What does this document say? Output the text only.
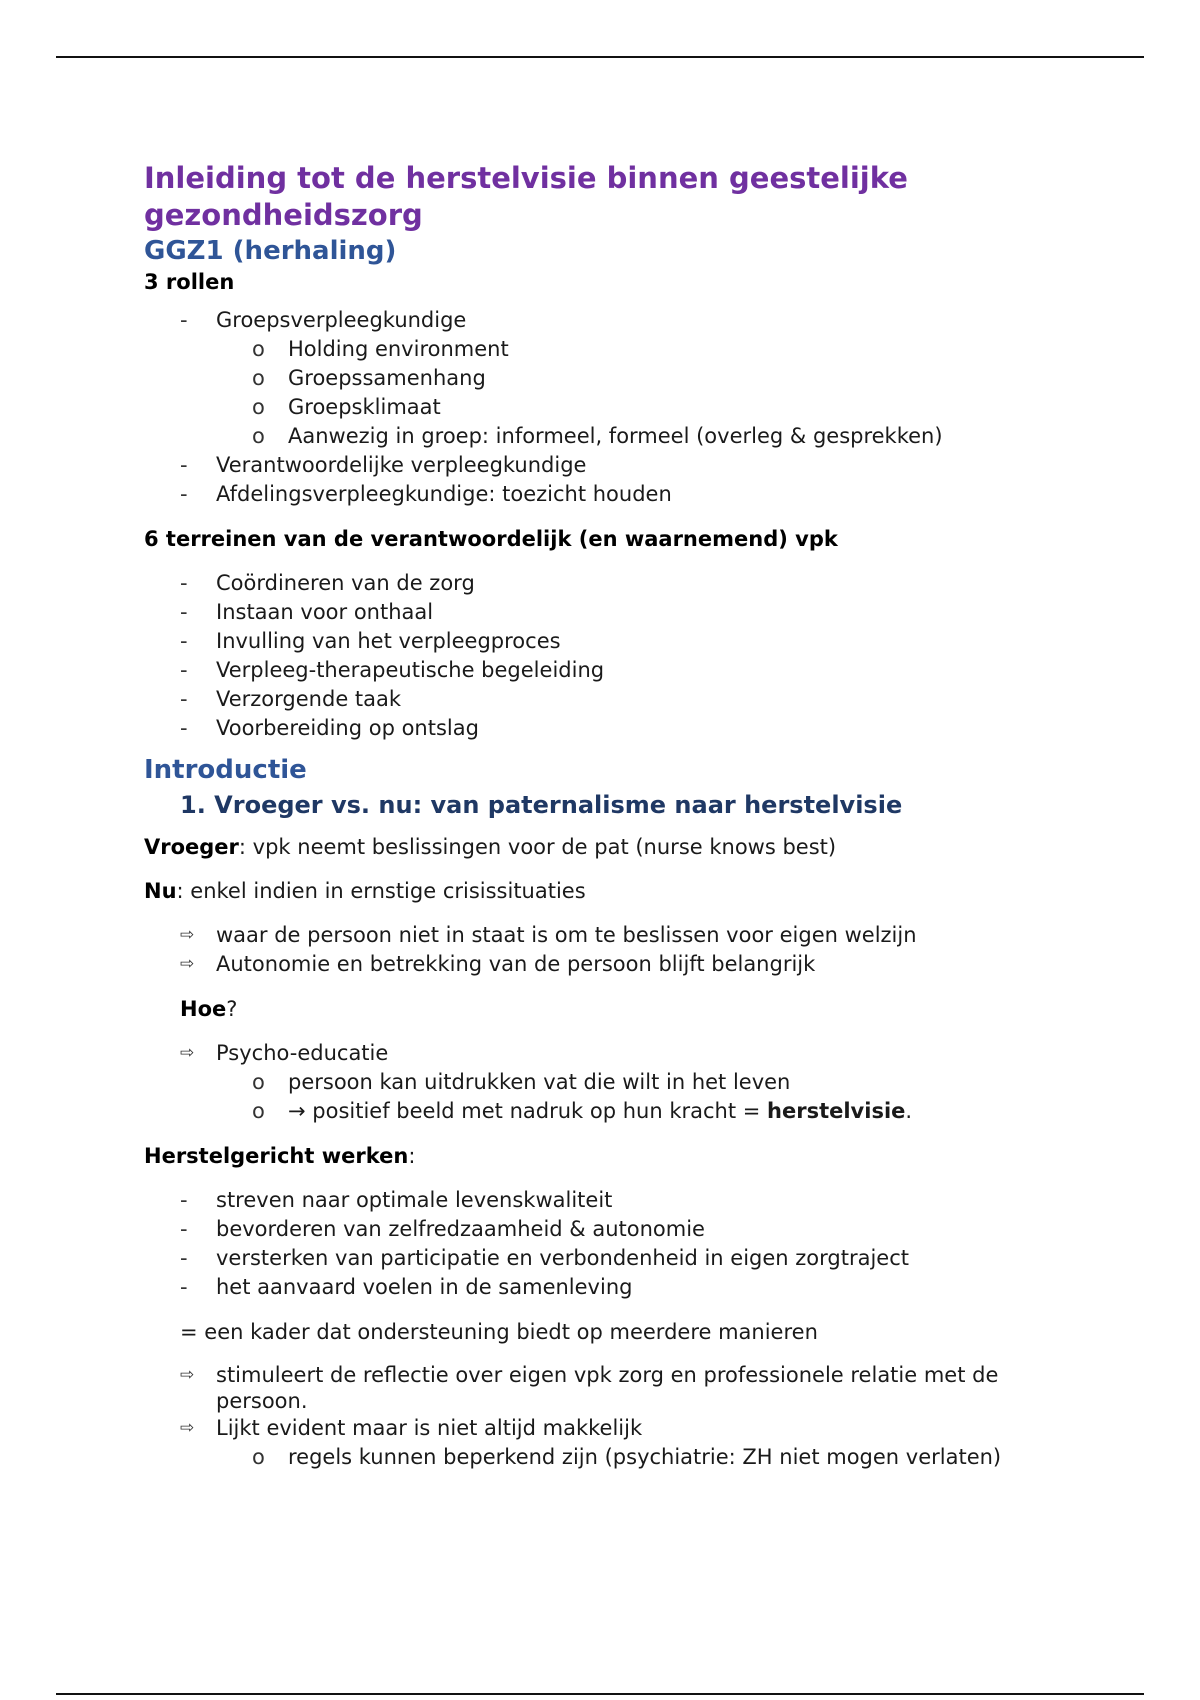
Inleiding tot de herstelvisie binnen geestelijke gezondheidszorg
GGZ1 (herhaling)
3 rollen
-	Groepsverpleegkundige
o	Holding environment
o	Groepssamenhang
o	Groepsklimaat
o	Aanwezig in groep: informeel, formeel (overleg & gesprekken)
-	Verantwoordelijke verpleegkundige
-	Afdelingsverpleegkundige: toezicht houden
6 terreinen van de verantwoordelijk (en waarnemend) vpk
-	Coördineren van de zorg
-	Instaan voor onthaal
-	Invulling van het verpleegproces
-	Verpleeg-therapeutische begeleiding
-	Verzorgende taak
-	Voorbereiding op ontslag
Introductie
1. Vroeger vs. nu: van paternalisme naar herstelvisie

Vroeger: vpk neemt beslissingen voor de pat (nurse knows best)

Nu: enkel indien in ernstige crisissituaties

⇨ waar de persoon niet in staat is om te beslissen voor eigen welzijn
⇨ Autonomie en betrekking van de persoon blijft belangrijk

Hoe?

⇨ Psycho-educatie
o persoon kan uitdrukken vat die wilt in het leven
o → positief beeld met nadruk op hun kracht = herstelvisie.

Herstelgericht werken:

-	streven naar optimale levenskwaliteit
-	bevorderen van zelfredzaamheid & autonomie
-	versterken van participatie en verbondenheid in eigen zorgtraject
-	het aanvaard voelen in de samenleving

= een kader dat ondersteuning biedt op meerdere manieren

⇨ stimuleert de reflectie over eigen vpk zorg en professionele relatie met de persoon.
⇨ Lijkt evident maar is niet altijd makkelijk
o regels kunnen beperkend zijn (psychiatrie: ZH niet mogen verlaten)
